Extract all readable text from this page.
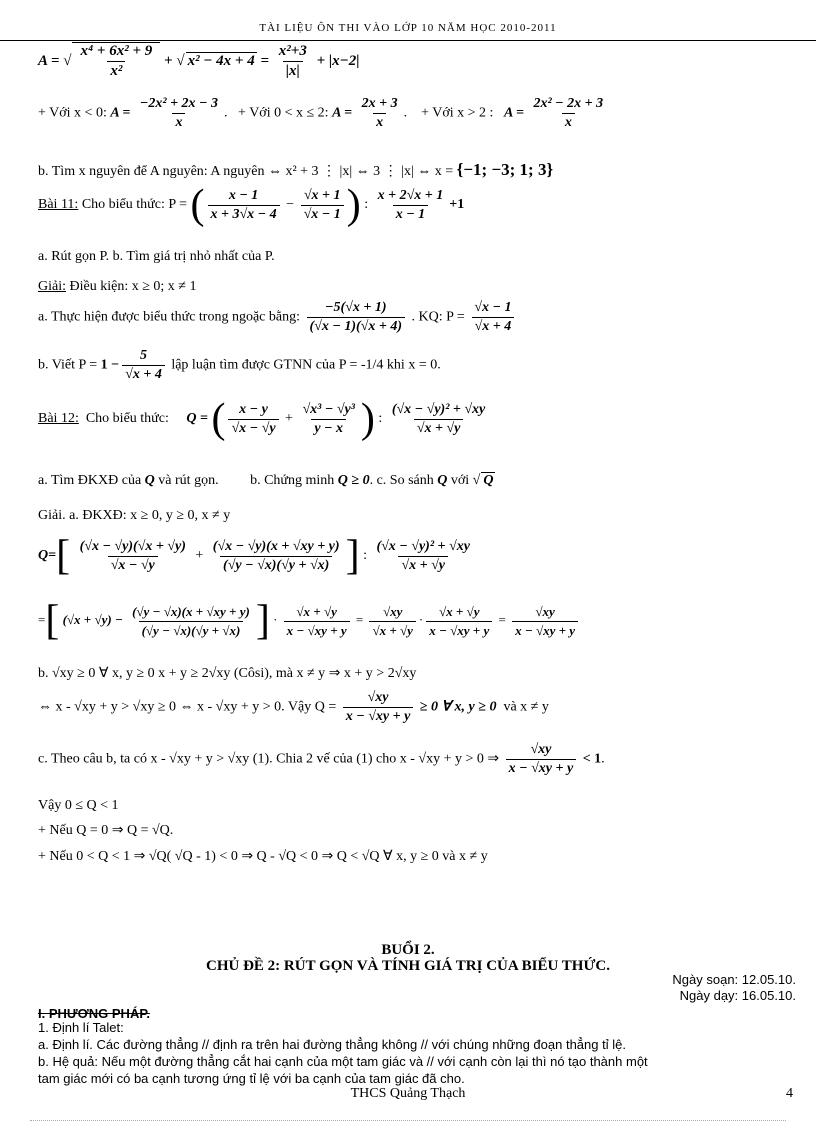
TÀI LIỆU ÔN THI VÀO LỚP 10 NĂM HỌC 2010-2011
A = √ $\frac{\text{x⁴ + 6x² + 9}}{\text{x²}}$ + √ $x^2 - 4x + 4 = \frac{\text{x²+3}}{|x|} + |x-2|$
+ Với x < 0: $A = \frac{\text{−2x² + 2x − 3}}{x}$ . + Với 0 < x ≤ 2: $A = \frac{2x + 3}{x}$ . + Với x > 2 : $A = \frac{\text{2x² − 2x + 3}}{x}$
b. Tìm x nguyên để A nguyên: A nguyên ⇔ x² + 3 ⋮ |x| ⇔ 3 ⋮ |x| ⇔ x = {−1; −3; 1; 3}
Bài 11: Cho biểu thức: P = ( $\frac{x - 1}{x + 3√x - 4} - \frac{√x + 1}{√x - 1}$ ) : $\frac{x + 2√x + 1}{x - 1} +1$
a. Rút gọn P. b. Tìm giá trị nhỏ nhất của P.
Giải: Điều kiện: x ≥ 0; x ≠ 1
a. Thực hiện được biểu thức trong ngoặc bằng: $\frac{-5(√x + 1)}{(√x - 1)(√x + 4)}$ . KQ: $P = \frac{√x - 1}{√x + 4}$
b. Viết $P = 1 - \frac{5}{√x + 4}$ lập luận tìm được GTNN của P = -1/4 khi x = 0.
Bài 12: Cho biểu thức: Q = ( $\frac{x - y}{√x - √y} + \frac{\text{√x³ − √y³}}{y - x}$ ) : $\frac{\text{(√x − √y)² + √xy}}{√x + √y}$
a. Tìm ĐKXĐ của Q và rút gọn. b. Chứng minh Q ≥ 0. c. So sánh Q với √ Q
Giải. a. ĐKXĐ: x ≥ 0, y ≥ 0, x ≠ y
$Q=[ \frac{(√x - √y)(√x + √y)}{√x - √y} + \frac{(√x - √y)(x + √xy + y)}{(√y - √x)(√y + √x)}$ ] : $\frac{\text{(√x − √y)² + √xy}}{√x + √y}$
=[ $(√x + √y) - \frac{(√y - √x)(x + √xy + y)}{(√y - √x)(√y + √x)}$ ] · $\frac{√x + √y}{x - √xy + y} = \frac{√xy}{√x + √y} \cdot \frac{√x + √y}{x - √xy + y} = \frac{√xy}{x - √xy + y}$
b. √xy ≥ 0 ∀ x, y ≥ 0 x + y ≥ 2√xy (Côsi), mà x ≠ y ⇒ x + y > 2√xy
⇔ x - √xy + y > √xy ≥ 0 ⇔ x - √xy + y > 0. Vậy $Q = \frac{√xy}{x - √xy + y} \ge 0$ ∀ x, y ≥ 0 và x ≠ y
c. Theo câu b, ta có x - √xy + y > √xy (1). Chia 2 vế của (1) cho x - √xy + y > 0 ⇒ $\frac{√xy}{x - √xy + y} < 1$.
Vậy 0 ≤ Q < 1
+ Nếu Q = 0 ⇒ Q = √Q.
+ Nếu 0 < Q < 1 ⇒ √Q( √Q - 1) < 0 ⇒ Q - √Q < 0 ⇒ Q < √Q ∀ x, y ≥ 0 và x ≠ y
BUỔI 2.
CHỦ ĐỀ 2: RÚT GỌN VÀ TÍNH GIÁ TRỊ CỦA BIỂU THỨC.
Ngày soạn: 12.05.10.
Ngày dạy: 16.05.10.
I. PHƯƠNG PHÁP.
1. Định lí Talet:
a. Định lí. Các đường thẳng // định ra trên hai đường thẳng không // với chúng những đoạn thẳng tỉ lệ.
b. Hệ quả: Nếu một đường thẳng cắt hai cạnh của một tam giác và // với cạnh còn lại thì nó tạo thành một
tam giác mới có ba cạnh tương ứng tỉ lệ với ba cạnh của tam giác đã cho.
THCS Quảng Thạch	4
